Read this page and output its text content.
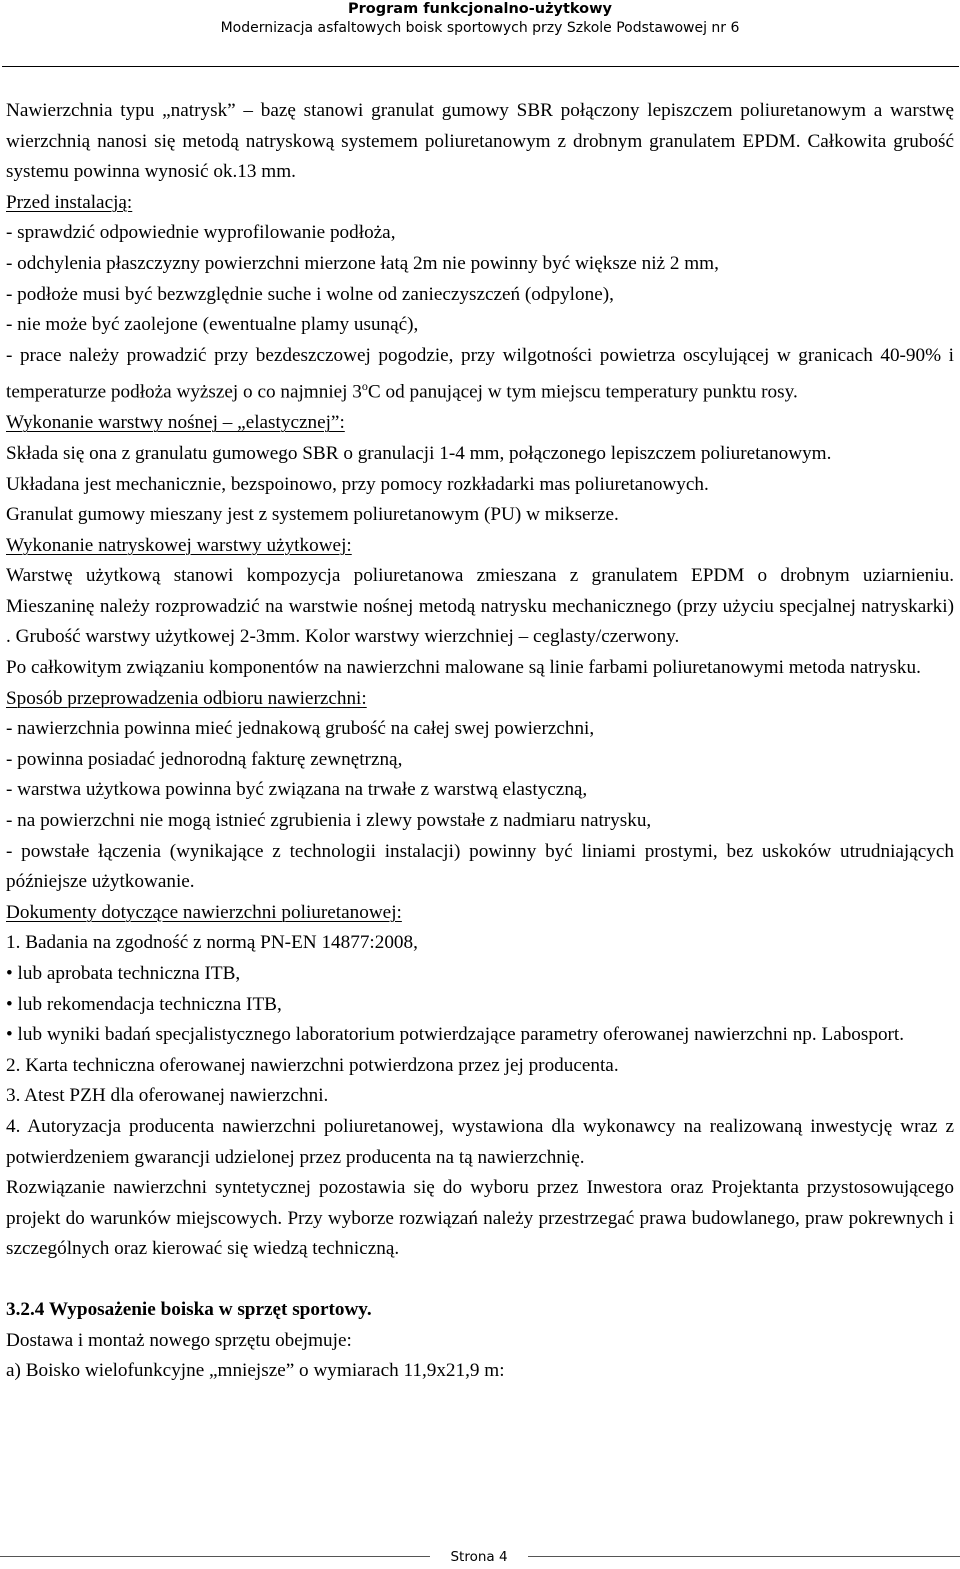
Program funkcjonalno-użytkowy
Modernizacja asfaltowych boisk sportowych przy Szkole Podstawowej nr 6

Nawierzchnia typu „natrysk” – bazę stanowi granulat gumowy SBR połączony lepiszczem poliuretanowym a warstwę wierzchnią nanosi się metodą natryskową systemem poliuretanowym z drobnym granulatem EPDM. Całkowita grubość systemu powinna wynosić ok.13 mm.

Przed instalacją:

- sprawdzić odpowiednie wyprofilowanie podłoża,

- odchylenia płaszczyzny powierzchni mierzone łatą 2m nie powinny być większe niż 2 mm,

- podłoże musi być bezwzględnie suche i wolne od zanieczyszczeń (odpylone),

- nie może być zaolejone (ewentualne plamy usunąć),

- prace należy prowadzić przy bezdeszczowej pogodzie, przy wilgotności powietrza oscylującej w granicach 40-90% i temperaturze podłoża wyższej o co najmniej 3$^o$C od panującej w tym miejscu temperatury punktu rosy.

Wykonanie warstwy nośnej – „elastycznej”:

Składa się ona z granulatu gumowego SBR o granulacji 1-4 mm, połączonego lepiszczem poliuretanowym.

Układana jest mechanicznie, bezspoinowo, przy pomocy rozkładarki mas poliuretanowych.

Granulat gumowy mieszany jest z systemem poliuretanowym (PU) w mikserze.

Wykonanie natryskowej warstwy użytkowej:

Warstwę użytkową stanowi kompozycja poliuretanowa zmieszana z granulatem EPDM o drobnym uziarnieniu. Mieszaninę należy rozprowadzić na warstwie nośnej metodą natrysku mechanicznego (przy użyciu specjalnej natryskarki) . Grubość warstwy użytkowej 2-3mm. Kolor warstwy wierzchniej – ceglasty/czerwony.

Po całkowitym związaniu komponentów na nawierzchni malowane są linie farbami poliuretanowymi metoda natrysku.

Sposób przeprowadzenia odbioru nawierzchni:

- nawierzchnia powinna mieć jednakową grubość na całej swej powierzchni,

- powinna posiadać jednorodną fakturę zewnętrzną,

- warstwa użytkowa powinna być związana na trwałe z warstwą elastyczną,

- na powierzchni nie mogą istnieć zgrubienia i zlewy powstałe z nadmiaru natrysku,

- powstałe łączenia (wynikające z technologii instalacji) powinny być liniami prostymi, bez uskoków utrudniających późniejsze użytkowanie.

Dokumenty dotyczące nawierzchni poliuretanowej:

1. Badania na zgodność z normą PN-EN 14877:2008,

• lub aprobata techniczna ITB,

• lub rekomendacja techniczna ITB,

• lub wyniki badań specjalistycznego laboratorium potwierdzające parametry oferowanej nawierzchni np. Labosport.

2. Karta techniczna oferowanej nawierzchni potwierdzona przez jej producenta.

3. Atest PZH dla oferowanej nawierzchni.

4. Autoryzacja producenta nawierzchni poliuretanowej, wystawiona dla wykonawcy na realizowaną inwestycję wraz z potwierdzeniem gwarancji udzielonej przez producenta na tą nawierzchnię.

Rozwiązanie nawierzchni syntetycznej pozostawia się do wyboru przez Inwestora oraz Projektanta przystosowującego projekt do warunków miejscowych. Przy wyborze rozwiązań należy przestrzegać prawa budowlanego, praw pokrewnych i szczególnych oraz kierować się wiedzą techniczną.

3.2.4 Wyposażenie boiska w sprzęt sportowy.

Dostawa i montaż nowego sprzętu obejmuje:

a) Boisko wielofunkcyjne „mniejsze” o wymiarach 11,9x21,9 m:

Strona 4
